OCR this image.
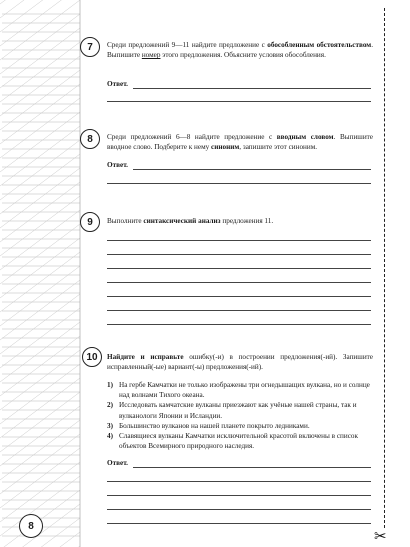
✂
7	Среди предложений 9—11 найдите предложение с обособленным обстоятельством. Выпишите номер этого предложения. Объясните условия обособления.
Ответ.
8	Среди предложений 6—8 найдите предложение с вводным словом. Выпишите вводное слово. Подберите к нему синоним, запишите этот синоним.
Ответ.
9	Выполните синтаксический анализ предложения 11.
10	Найдите и исправьте ошибку(-и) в построении предложения(-ий). Запишите исправленный(-ые) вариант(-ы) предложения(-ий).
1) На гербе Камчатки не только изображены три огнедышащих вулкана, но и солнце над волнами Тихого океана.
2) Исследовать камчатские вулканы приезжают как учёные нашей страны, так и вулканологи Японии и Исландии.
3) Большинство вулканов на нашей планете покрыто ледниками.
4) Славящиеся вулканы Камчатки исключительной красотой включены в список объектов Всемирного природного наследия.
Ответ.
8
